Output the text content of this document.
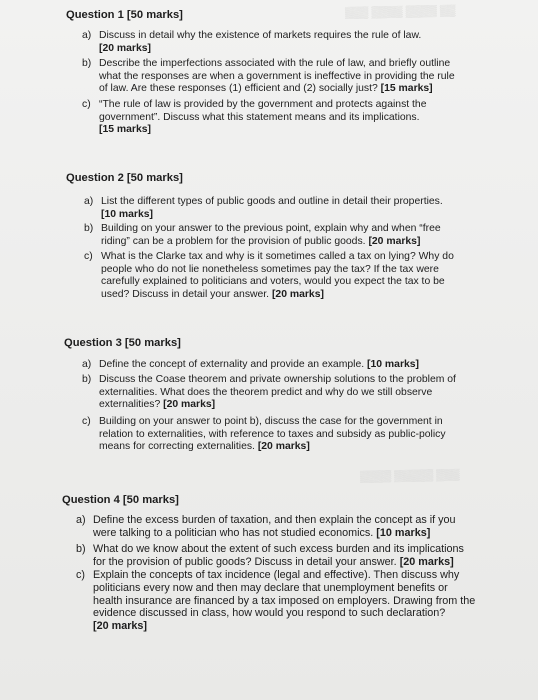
▒▒▒ ▒▒▒▒ ▒▒▒▒ ▒▒
▒▒▒▒ ▒▒▒▒▒ ▒▒▒
Question 1 [50 marks]
a) Discuss in detail why the existence of markets requires the rule of law.
[20 marks]
b) Describe the imperfections associated with the rule of law, and briefly outline
what the responses are when a government is ineffective in providing the rule
of law. Are these responses (1) efficient and (2) socially just? [15 marks]
c) “The rule of law is provided by the government and protects against the
government”. Discuss what this statement means and its implications.
[15 marks]
Question 2 [50 marks]
a) List the different types of public goods and outline in detail their properties.
[10 marks]
b) Building on your answer to the previous point, explain why and when “free
riding” can be a problem for the provision of public goods. [20 marks]
c) What is the Clarke tax and why is it sometimes called a tax on lying? Why do
people who do not lie nonetheless sometimes pay the tax? If the tax were
carefully explained to politicians and voters, would you expect the tax to be
used? Discuss in detail your answer. [20 marks]
Question 3 [50 marks]
a) Define the concept of externality and provide an example. [10 marks]
b) Discuss the Coase theorem and private ownership solutions to the problem of
externalities. What does the theorem predict and why do we still observe
externalities? [20 marks]
c) Building on your answer to point b), discuss the case for the government in
relation to externalities, with reference to taxes and subsidy as public-policy
means for correcting externalities. [20 marks]
Question 4 [50 marks]
a) Define the excess burden of taxation, and then explain the concept as if you
were talking to a politician who has not studied economics. [10 marks]
b) What do we know about the extent of such excess burden and its implications
for the provision of public goods? Discuss in detail your answer. [20 marks]
c) Explain the concepts of tax incidence (legal and effective). Then discuss why
politicians every now and then may declare that unemployment benefits or
health insurance are financed by a tax imposed on employers. Drawing from the
evidence discussed in class, how would you respond to such declaration?
[20 marks]
